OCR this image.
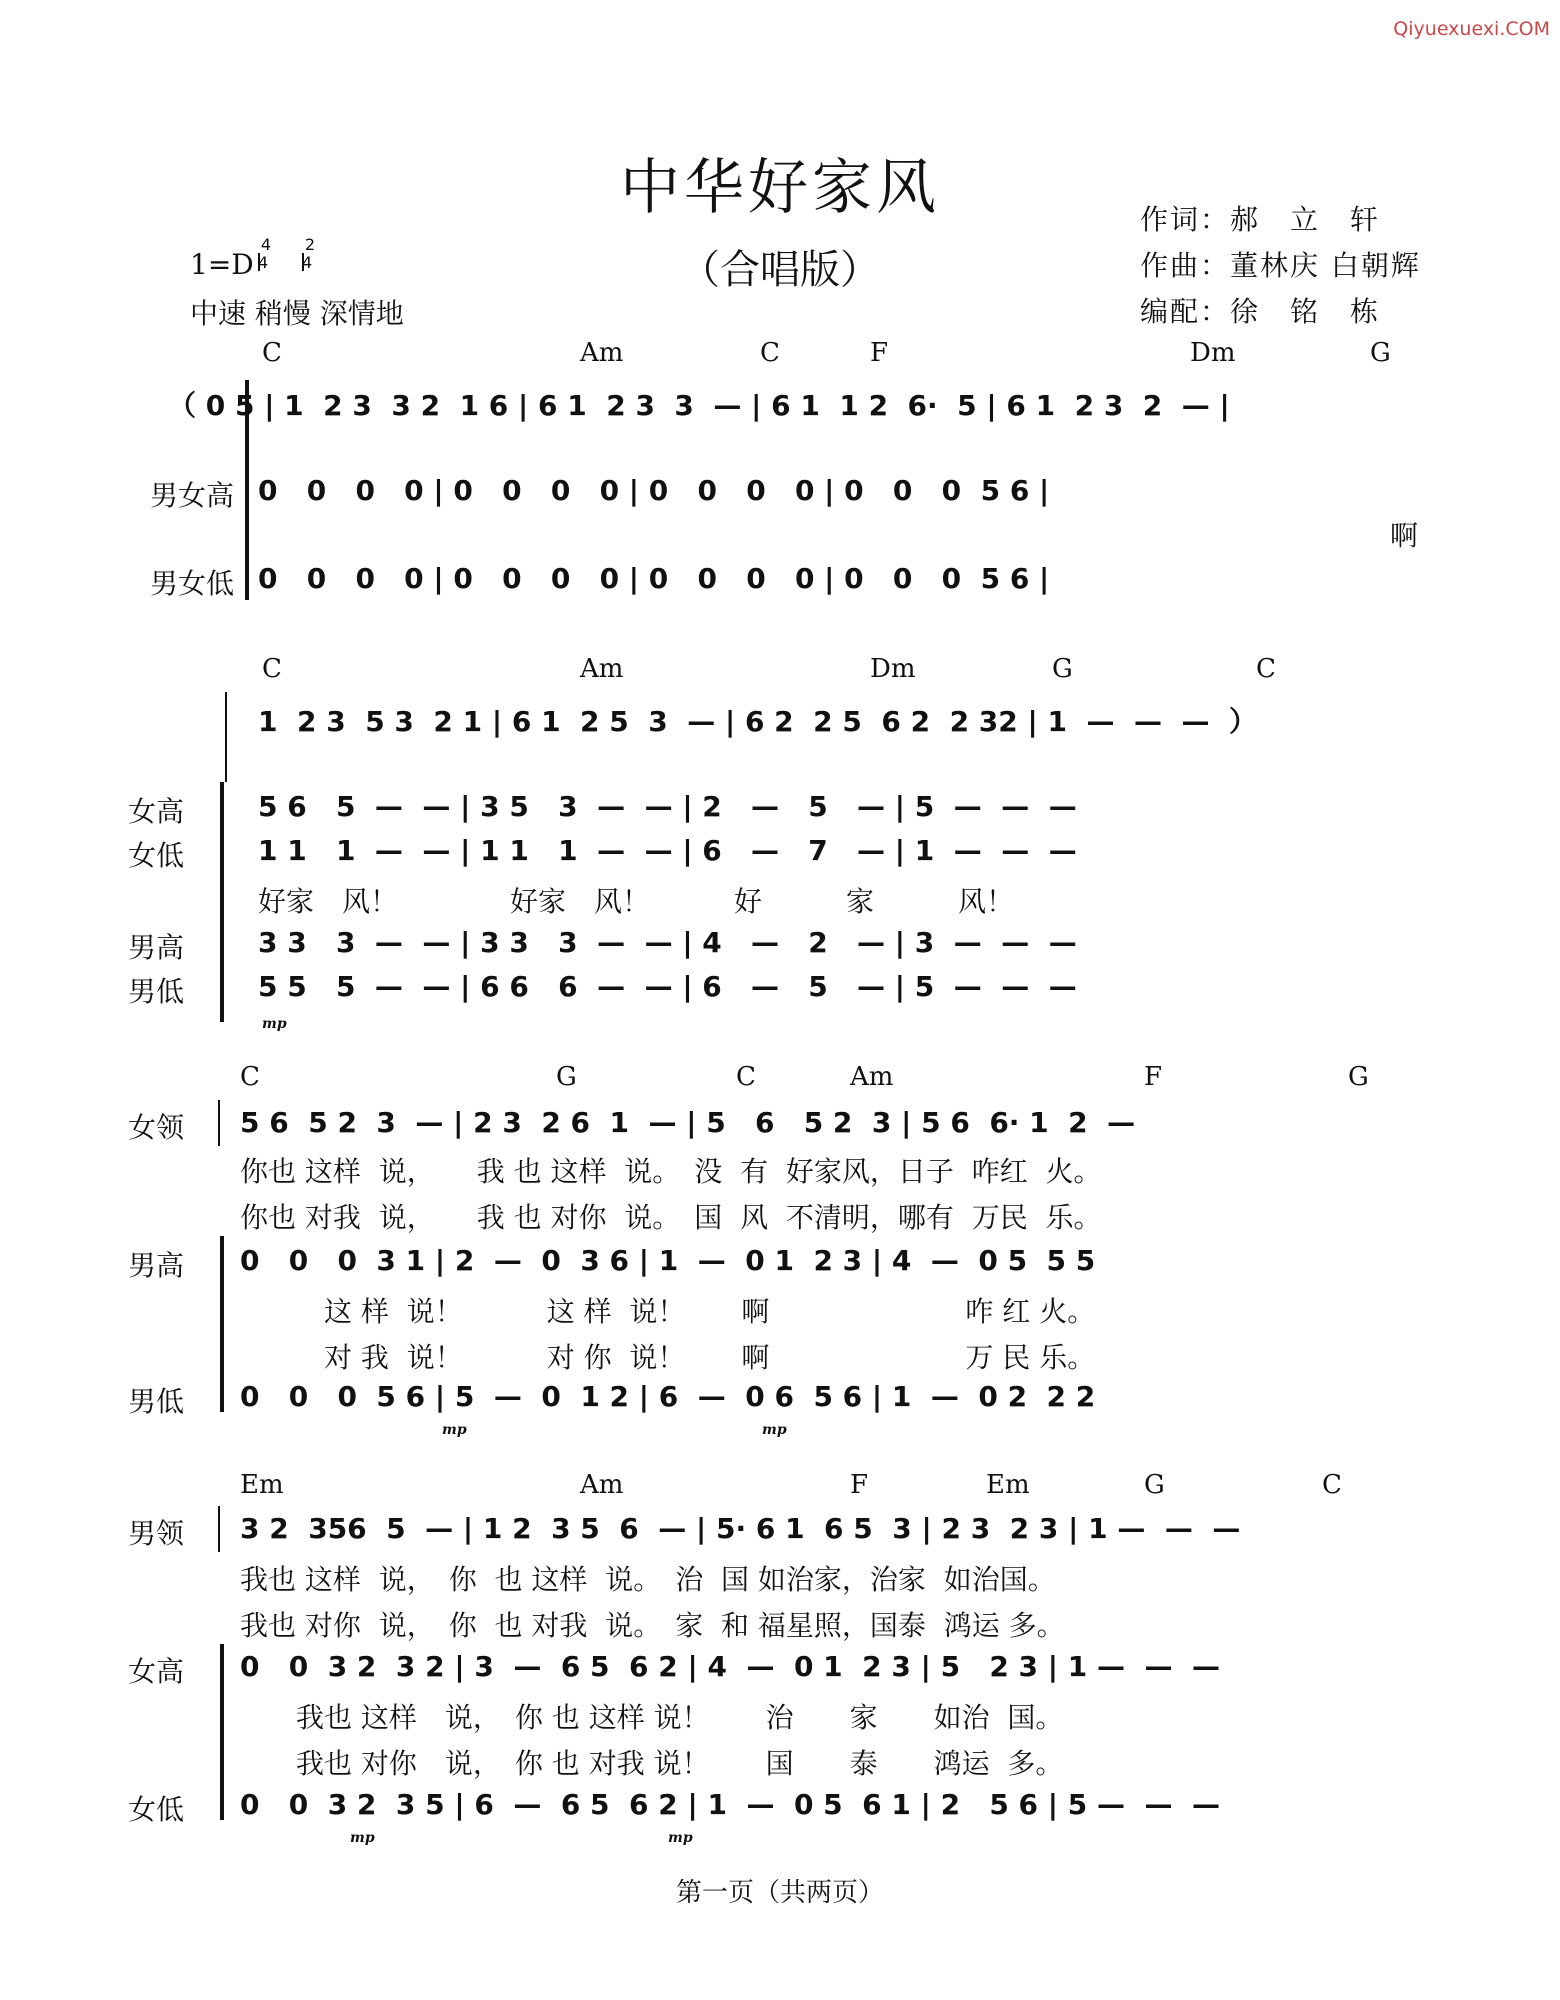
Qiyuexuexi.COM
中华好家风
（合唱版）
作词：郝　立　轩
作曲：董林庆 白朝辉
编配：徐　铭　栋
1=D
$\frac{4}{4} \frac{2}{4}$
中速 稍慢 深情地
C	Am	C	F	Dm	G
（ 0 5 | 1  2 3  3 2  1 6 | 6 1  2 3  3  — | 6 1  1 2  6·  5 | 6 1  2 3  2  — |
男女高 0   0   0   0 | 0   0   0   0 | 0   0   0   0 | 0   0   0  5 6 |
啊
男女低 0   0   0   0 | 0   0   0   0 | 0   0   0   0 | 0   0   0  5 6 |
C	Am	Dm	G	C
1  2 3  5 3  2 1 | 6 1  2 5  3  — | 6 2  2 5  6 2  2 32 | 1  —  —  —  ）
女高	5 6   5  —  — | 3 5   3  —  — | 2   —   5   — | 5  —  —  —
女低	1 1   1  —  — | 1 1   1  —  — | 6   —   7   — | 1  —  —  —
好家　风！　　　　好家　风！　　　好　　　家　　　风！
男高	3 3   3  —  — | 3 3   3  —  — | 4   —   2   — | 3  —  —  —
男低	5 5   5  —  — | 6 6   6  —  — | 6   —   5   — | 5  —  —  —
mp
C	G	C	Am	F	G
女领 5 6  5 2  3  — | 2 3  2 6  1  — | 5   6   5 2  3 | 5 6  6· 1  2  —
你也 这样  说，　　我 也 这样  说。　没  有  好家风，日子  咋红  火。
你也 对我  说，　　我 也 对你  说。　国  风  不清明，哪有  万民  乐。
男高 0   0   0  3 1 | 2  —  0  3 6 | 1  —  0 1  2 3 | 4  —  0 5  5 5
　　　这 样  说！　　　这 样  说！　　啊　　　　　　　咋 红 火。
　　　对 我  说！　　　对 你  说！　　啊　　　　　　　万 民 乐。
男低 0   0   0  5 6 | 5  —  0  1 2 | 6  —  0 6  5 6 | 1  —  0 2  2 2
mp	mp
Em	Am	F	Em	G	C
男领 3 2  356  5  — | 1 2  3 5  6  — | 5· 6 1  6 5  3 | 2 3  2 3 | 1 —  —  —
我也 这样  说，　你  也 这样  说。　治  国 如治家，治家  如治国。
我也 对你  说，　你  也 对我  说。　家  和 福星照，国泰  鸿运 多。
女高 0   0  3 2  3 2 | 3  —  6 5  6 2 | 4  —  0 1  2 3 | 5   2 3 | 1 —  —  —
　　我也 这样　说，　你 也 这样 说！　　治　　家　　如治  国。
　　我也 对你　说，　你 也 对我 说！　　国　　泰　　鸿运  多。
女低 0   0  3 2  3 5 | 6  —  6 5  6 2 | 1  —  0 5  6 1 | 2   5 6 | 5 —  —  —
mp	mp
第一页（共两页）
